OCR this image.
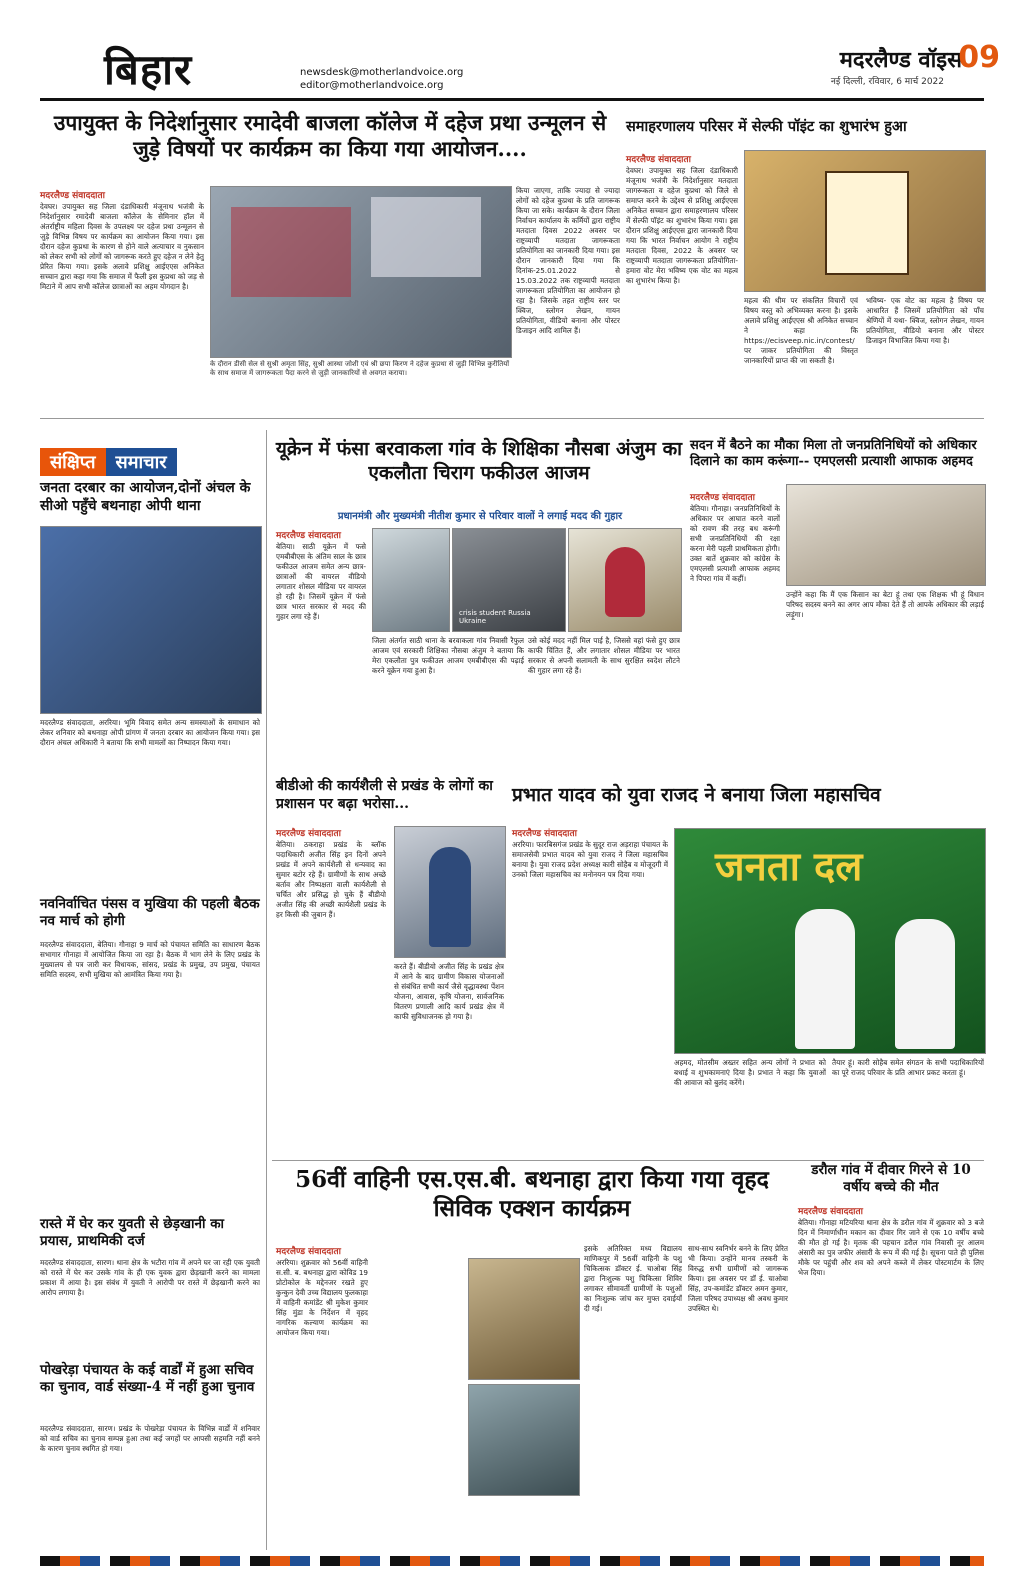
बिहार	newsdesk@motherlandvoice.org
editor@motherlandvoice.org
मदरलैण्ड वॉइस
09
नई दिल्ली, रविवार, 6 मार्च 2022
उपायुक्त के निदेर्शानुसार रमादेवी बाजला कॉलेज में दहेज प्रथा उन्मूलन से जुड़े विषयों पर कार्यक्रम का किया गया आयोजन....
मदरलैण्ड संवाददाता
देवघर। उपायुक्त सह जिला दंडाधिकारी मंजूनाथ भजंत्री के निदेर्शानुसार रमादेवी बाजला कॉलेज के सेमिनार हॉल में अंतर्राष्ट्रीय महिला दिवस के उपलक्ष्य पर दहेज प्रथा उन्मूलन से जुड़े विभिन्न विषय पर कार्यक्रम का आयोजन किया गया। इस दौरान दहेज कुप्रथा के कारण से होने वाले अत्याचार व नुकसान को लेकर सभी को लोगों को जागरूक करते हुए दहेज न लेने हेतु प्रेरित किया गया। इसके अलावे प्रशिक्षु आईएएस अनिकेत सच्चान द्वारा कहा गया कि समाज में फैली इस कुप्रथा को जड़ से मिटाने में आप सभी कॉलेज छात्राओं का अहम योगदान है।
के दौरान डीसी सेल से सुश्री अमृता सिंह, सुश्री आस्था जोशी एवं श्री छपा किरण ने दहेज कुप्रथा से जुड़ी विभिन्न कुरीतियों के साथ समाज में जागरूकता पैदा करने से जुड़ी जानकारियों से अवगत कराया।
किया जाएगा, ताकि ज्यादा से ज्यादा लोगों को दहेज कुप्रथा के प्रति जागरूक किया जा सके। कार्यक्रम के दौरान जिला निर्वाचन कार्यालय के कर्मियों द्वारा राष्ट्रीय मतदाता दिवस 2022 अवसर पर राष्ट्रव्यापी मतदाता जागरूकता प्रतियोगिता का जानकारी दिया गया। इस दौरान जानकारी दिया गया कि दिनांक-25.01.2022 से 15.03.2022 तक राष्ट्रव्यापी मतदाता जागरूकता प्रतियोगिता का आयोजन हो रहा है। जिसके तहत राष्ट्रीय स्तर पर क्विज, स्लोगन लेखन, गायन प्रतियोगिता, वीडियो बनाना और पोस्टर डिजाइन आदि शामिल हैं।
समाहरणालय परिसर में सेल्फी पॉइंट का शुभारंभ हुआ
मदरलैण्ड संवाददाता
देवघर। उपायुक्त सह जिला दंडाधिकारी मंजूनाथ भजंत्री के निदेर्शानुसार मतदाता जागरूकता व दहेज कुप्रथा को जिले से समाप्त करने के उद्देश्य से प्रशिक्षु आईएएस अनिकेत सच्चान द्वारा समाहरणालय परिसर में सेल्फी पॉइंट का शुभारंभ किया गया। इस दौरान प्रशिक्षु आईएएस द्वारा जानकारी दिया गया कि भारत निर्वाचन आयोग ने राष्ट्रीय मतदाता दिवस, 2022 के अवसर पर राष्ट्रव्यापी मतदाता जागरूकता प्रतियोगिता- हमारा वोट मेरा भविष्य एक वोट का महत्व का शुभारंभ किया है।
महत्व की थीम पर संकलित विचारों एवं विषय वस्तु को अभिव्यक्त करना है। इसके अलावे प्रशिक्षु आईएएस श्री अनिकेत सच्चान ने कहा कि https://ecisveep.nic.in/contest/ पर जाकर प्रतियोगिता की विस्तृत जानकारियों प्राप्त की जा सकती है।
भविष्य- एक वोट का महत्व है विषय पर आधारित हैं जिसमें प्रतियोगिता को पाँच श्रेणियों में यथा- क्विज, स्लोगन लेखन, गायन प्रतियोगिता, वीडियो बनाना और पोस्टर डिजाइन विभाजित किया गया है।
संक्षिप्त समाचार
जनता दरबार का आयोजन,दोनों अंचल के सीओ पहुँचे बथनाहा ओपी थाना
मदरलैण्ड संवाददाता, अररिया। भूमि विवाद समेत अन्य समस्याओं के समाधान को लेकर शनिवार को बथनाहा ओपी प्रांगण में जनता दरबार का आयोजन किया गया। इस दौरान अंचल अधिकारी ने बताया कि सभी मामलों का निष्पादन किया गया।
नवनिर्वाचित पंसस व मुखिया की पहली बैठक नव मार्च को होगी
मदरलैण्ड संवाददाता, बेतिया। गौनाहा 9 मार्च को पंचायत समिति का साधारण बैठक सभागार गौनाहा में आयोजित किया जा रहा है। बैठक में भाग लेने के लिए प्रखंड के मुख्यालय से पत्र जारी कर विधायक, सांसद, प्रखंड के प्रमुख, उप प्रमुख, पंचायत समिति सदस्य, सभी मुखिया को आमंत्रित किया गया है।
रास्ते में घेर कर युवती से छेड़खानी का प्रयास, प्राथमिकी दर्ज
मदरलैण्ड संवाददाता, सारण। थाना क्षेत्र के भटौरा गांव में अपने घर जा रही एक युवती को रास्ते में घेर कर उसके गांव के ही एक युवक द्वारा छेड़खानी करने का मामला प्रकाश में आया है। इस संबंध में युवती ने आरोपी पर रास्ते में छेड़खानी करने का आरोप लगाया है।
पोखरेड़ा पंचायत के कई वार्डों में हुआ सचिव का चुनाव, वार्ड संख्या-4 में नहीं हुआ चुनाव
मदरलैण्ड संवाददाता, सारण। प्रखंड के पोखरेड़ा पंचायत के विभिन्न वार्डों में शनिवार को वार्ड सचिव का चुनाव सम्पन्न हुआ तथा कई जगहों पर आपसी सहमति नहीं बनने के कारण चुनाव स्थगित हो गया।
यूक्रेन में फंसा बरवाकला गांव के शिक्षिका नौसबा अंजुम का एकलौता चिराग फकीउल आजम
प्रधानमंत्री और मुख्यमंत्री नीतीश कुमार से परिवार वालों ने लगाई मदद की गुहार
मदरलैण्ड संवाददाता
बेतिया। साठी यूक्रेन में फसे एमबीबीएस के अंतिम साल के छात्र फकीउल आजम समेत अन्य छात्र- छात्राओं की वायरल वीडियो लगातार शोसल मीडिया पर वायरल हो रही है। जिसमें यूक्रेन में फंसे छात्र भारत सरकार से मदद की गुहार लगा रहे हैं।	crisis student Russia Ukraine
जिला अंतर्गत साठी थाना के बरवाकला गांव निवासी रैफुल आजम एवं सरकारी शिक्षिका नौसबा अंजुम ने बताया कि मेरा एकलौता पुत्र फकीउल आजम एमबीबीएस की पढ़ाई करने यूक्रेन गया हुआ है।
उसे कोई मदद नहीं मिल पाई है, जिससे वहां फंसे हुए छात्र काफी चिंतित हैं, और लगातार शोसल मीडिया पर भारत सरकार से अपनी सलामती के साथ सुरक्षित स्वदेश लौटने की गुहार लगा रहे हैं।
बीडीओ की कार्यशैली से प्रखंड के लोगों का प्रशासन पर बढ़ा भरोसा...
मदरलैण्ड संवाददाता
बेतिया। ठकराहा प्रखंड के ब्लॉक पदाधिकारी अजीत सिंह इन दिनों अपने प्रखंड में अपने कार्यशैली से धन्यवाद का सुमार बटोर रहे हैं। ग्रामीणों के साथ अच्छे बर्ताव और निष्पक्षता वाली कार्यशैली से चर्चित और प्रसिद्ध हो चुके हैं बीडीयो अजीत सिंह की अच्छी कार्यशैली प्रखंड के हर किसी की जुबान हैं।
करते हैं। बीडीयो अजीत सिंह के प्रखंड क्षेत्र में आने के बाद ग्रामीण विकास योजनाओं से संबंधित सभी कार्य जैसे वृद्धावस्था पेंशन योजना, आवास, कृषि योजना, सार्वजनिक वितरण प्रणाली आदि कार्य प्रखंड क्षेत्र में काफी सुविधाजनक हो गया है।
सदन में बैठने का मौका मिला तो जनप्रतिनिधियों को अधिकार दिलाने का काम करूंगा-- एमएलसी प्रत्याशी आफाक अहमद
मदरलैण्ड संवाददाता
बेतिया। गौनाहा। जनप्रतिनिधियों के अधिकार पर आघात करने वालों को रावण की तरह बध करूंगी सभी जनप्रतिनिधियों की रक्षा करना मेरी पहली प्राथमिकता होगी। उक्त बातें शुक्रवार को कांग्रेस के एमएलसी प्रत्याशी आफाक अहमद ने पिपरा गांव में कहीं।
उन्होंने कहा कि मैं एक किसान का बेटा हूं तथा एक शिक्षक भी हूं विधान परिषद सदस्य बनने का अगर आप मौका देते हैं तो आपके अधिकार की लड़ाई लड़ूंगा।
प्रभात यादव को युवा राजद ने बनाया जिला महासचिव
मदरलैण्ड संवाददाता
अररिया। फारबिसगंज प्रखंड के सुदूर राज अड़राहा पंचायत के समाजसेवी प्रभात यादव को युवा राजद ने जिला महासचिव बनाया है। युवा राजद प्रदेश अध्यक्ष कारी सोहैब व मोजूदगी में उनको जिला महासचिव का मनोनयन पत्र दिया गया।	जनता दल
अहमद, मोतसीम अख्तर सहित अन्य लोगों ने प्रभात को बधाई व शुभकामनाएं दिया है। प्रभात ने कहा कि युवाओं की आवाज को बुलंद करेंगे।
तैयार हूं। कारी सोहैब समेत संगठन के सभी पदाधिकारियों का पूरे राजद परिवार के प्रति आभार प्रकट करता हूं।
56वीं वाहिनी एस.एस.बी. बथनाहा द्वारा किया गया वृहद सिविक एक्शन कार्यक्रम
मदरलैण्ड संवाददाता
अररिया। शुक्रवार को 56वीं वाहिनी स.सी. ब. बथनाहा द्वारा कोविड 19 प्रोटोकोल के मद्देनजर रखते हुए कुन्कुन देवी उच्च विद्यालय फुलकाहा में वाहिनी कमांडेंट श्री मुकेश कुमार सिंह मुंडा के निर्देशन में वृहद नागरिक कल्याण कार्यक्रम का आयोजन किया गया।
इसके अतिरिक्त मध्य विद्यालय माणिकपुर में 56वीं वाहिनी के पशु चिकित्सक डॉक्टर ई. चाओबा सिंह द्वारा निःशुल्क पशु चिकित्सा शिविर लगाकर सीमावर्ती ग्रामीणों के पशुओं का निःशुल्क जांच कर मुफ्त दवाईयाँ दी गई।
साथ-साथ स्वनिर्भर बनने के लिए प्रेरित भी किया। उन्होंने मानव तस्करी के विरुद्ध सभी ग्रामीणों को जागरूक किया। इस अवसर पर डॉ ई. चाओबा सिंह, उप-कमांडेंट डॉक्टर अमन कुमार, जिला परिषद उपाध्यक्ष श्री अवध कुमार उपस्थित थे।
डरौल गांव में दीवार गिरने से 10 वर्षीय बच्चे की मौत
मदरलैण्ड संवाददाता
बेतिया। गौनाहा मटियरिया थाना क्षेत्र के डरौल गांव में शुक्रवार को 3 बजे दिन में निमार्णाधीन मकान का दीवार गिर जाने से एक 10 वर्षीय बच्चे की मौत हो गई है। मृतक की पहचान डरौल गांव निवासी नूर आलम अंसारी का पुत्र जफीर अंसारी के रूप में की गई है। सूचना पाते ही पुलिस मौके पर पहुंची और शव को अपने कब्जे में लेकर पोस्टमार्टम के लिए भेज दिया।
